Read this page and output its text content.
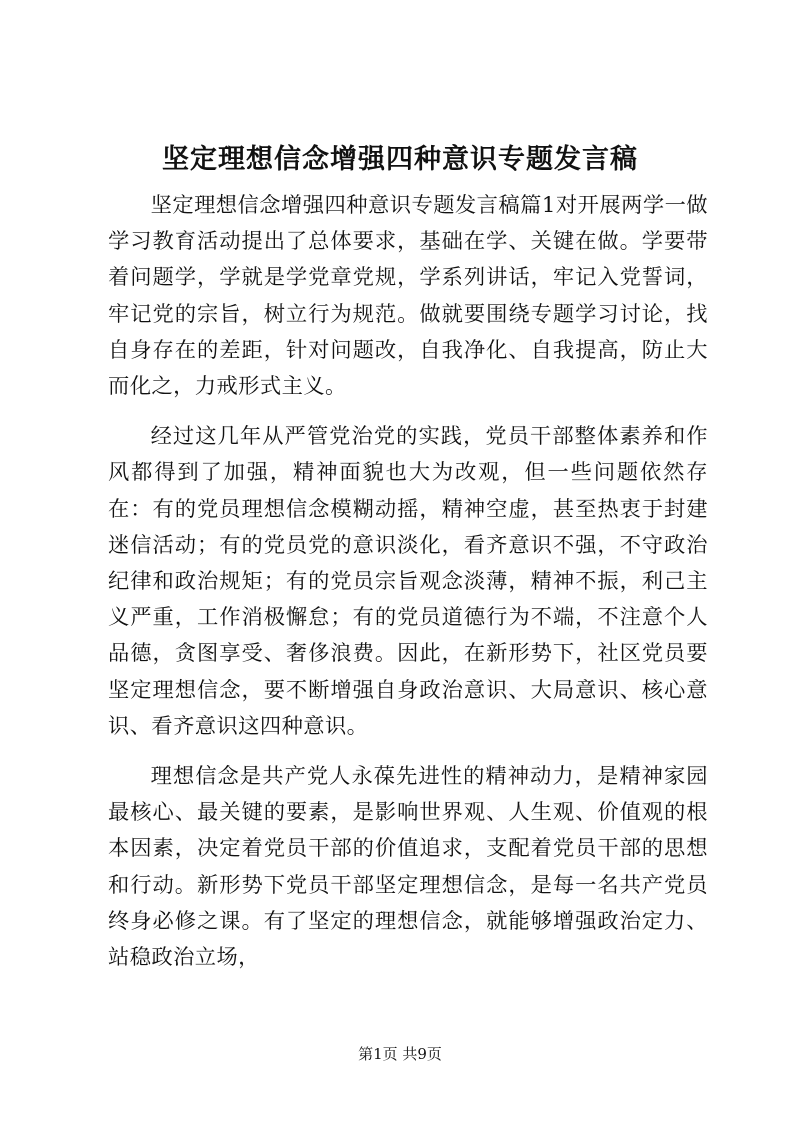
坚定理想信念增强四种意识专题发言稿

坚定理想信念增强四种意识专题发言稿篇1对开展两学一做学习教育活动提出了总体要求，基础在学、关键在做。学要带着问题学，学就是学党章党规，学系列讲话，牢记入党誓词，牢记党的宗旨，树立行为规范。做就要围绕专题学习讨论，找自身存在的差距，针对问题改，自我净化、自我提高，防止大而化之，力戒形式主义。

经过这几年从严管党治党的实践，党员干部整体素养和作风都得到了加强，精神面貌也大为改观，但一些问题依然存在：有的党员理想信念模糊动摇，精神空虚，甚至热衷于封建迷信活动；有的党员党的意识淡化，看齐意识不强，不守政治纪律和政治规矩；有的党员宗旨观念淡薄，精神不振，利己主义严重，工作消极懈怠；有的党员道德行为不端，不注意个人品德，贪图享受、奢侈浪费。因此，在新形势下，社区党员要坚定理想信念，要不断增强自身政治意识、大局意识、核心意识、看齐意识这四种意识。

理想信念是共产党人永葆先进性的精神动力，是精神家园最核心、最关键的要素，是影响世界观、人生观、价值观的根本因素，决定着党员干部的价值追求，支配着党员干部的思想和行动。新形势下党员干部坚定理想信念，是每一名共产党员终身必修之课。有了坚定的理想信念，就能够增强政治定力、站稳政治立场，

第1页 共9页
